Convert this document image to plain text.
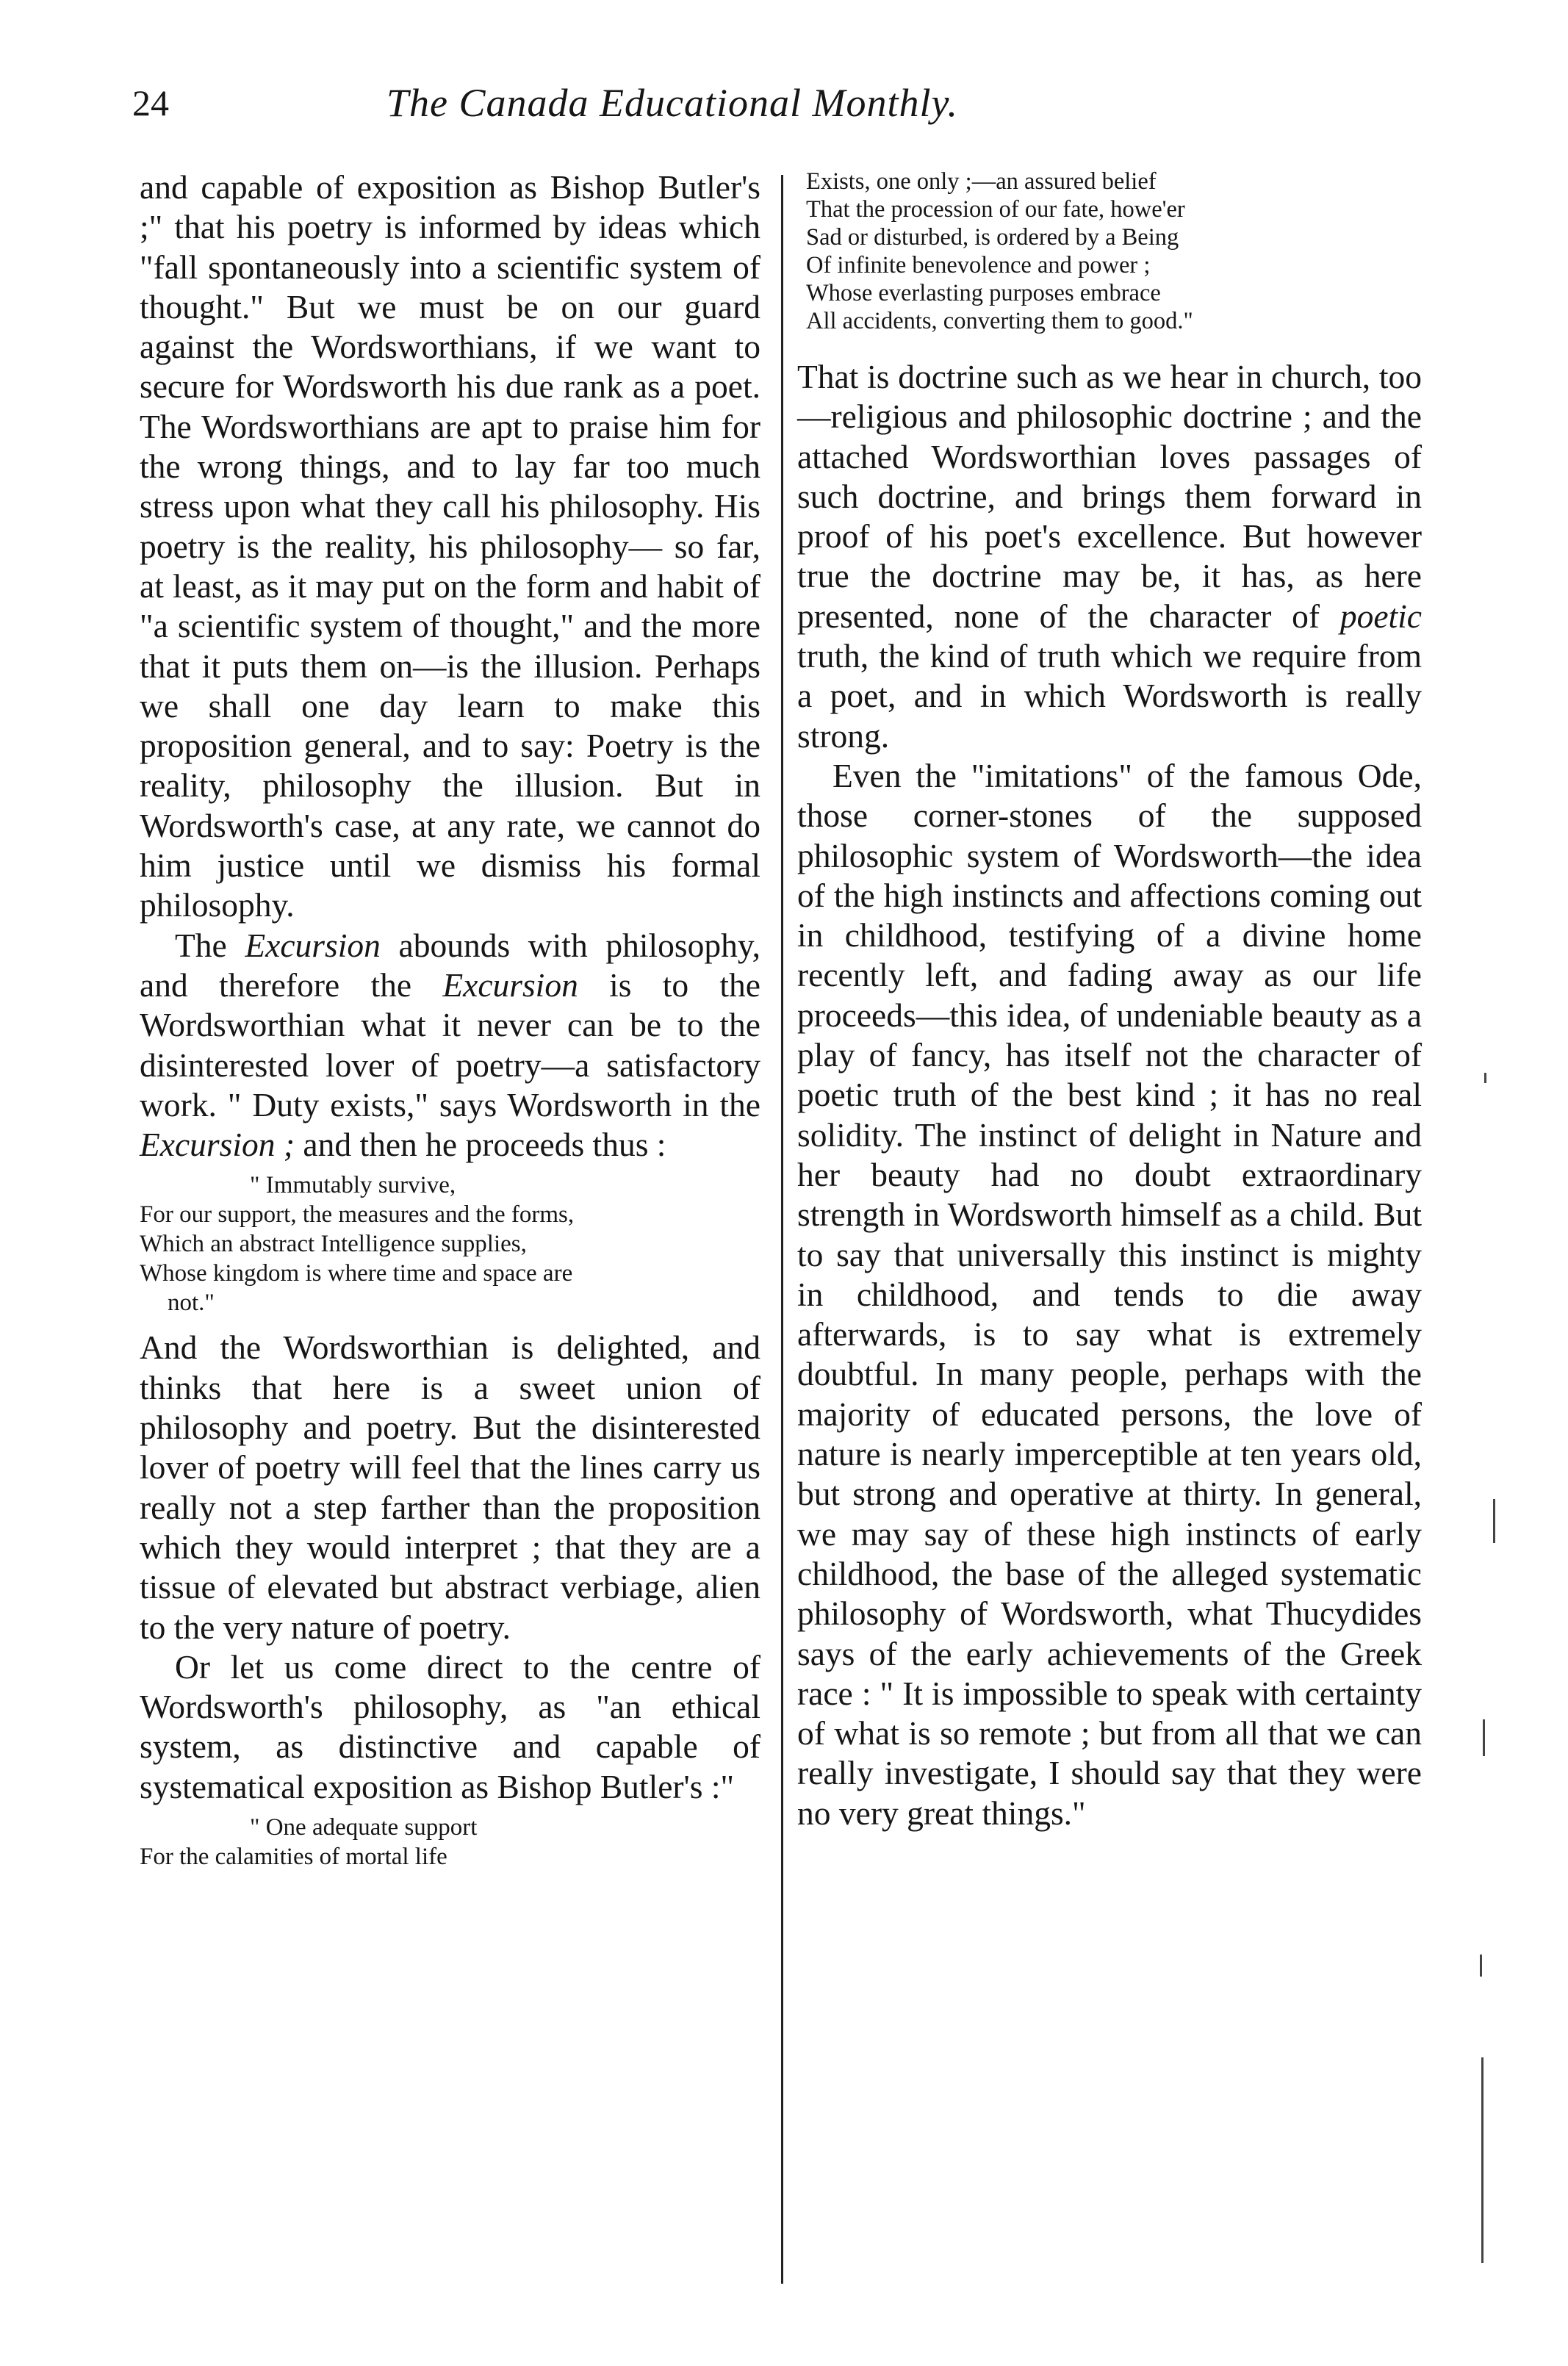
24	The Canada Educational Monthly.

and capable of exposition as Bishop Butler's ;" that his poetry is informed by ideas which "fall spontaneously into a scientific system of thought." But we must be on our guard against the Wordsworthians, if we want to secure for Wordsworth his due rank as a poet. The Wordsworthians are apt to praise him for the wrong things, and to lay far too much stress upon what they call his philosophy. His poetry is the reality, his philosophy— so far, at least, as it may put on the form and habit of "a scientific system of thought," and the more that it puts them on—is the illusion. Perhaps we shall one day learn to make this proposition general, and to say: Poetry is the reality, philosophy the illusion. But in Wordsworth's case, at any rate, we cannot do him justice until we dismiss his formal philosophy.

The Excursion abounds with philosophy, and therefore the Excursion is to the Wordsworthian what it never can be to the disinterested lover of poetry—a satisfactory work. " Duty exists," says Wordsworth in the Excursion ; and then he proceeds thus :

" Immutably survive,
For our support, the measures and the forms,
Which an abstract Intelligence supplies,
Whose kingdom is where time and space are
not."

And the Wordsworthian is delighted, and thinks that here is a sweet union of philosophy and poetry. But the disinterested lover of poetry will feel that the lines carry us really not a step farther than the proposition which they would interpret ; that they are a tissue of elevated but abstract verbiage, alien to the very nature of poetry.

Or let us come direct to the centre of Wordsworth's philosophy, as "an ethical system, as distinctive and capable of systematical exposition as Bishop Butler's :"

" One adequate support
For the calamities of mortal life
Exists, one only ;—an assured belief
That the procession of our fate, howe'er
Sad or disturbed, is ordered by a Being
Of infinite benevolence and power ;
Whose everlasting purposes embrace
All accidents, converting them to good."

That is doctrine such as we hear in church, too—religious and philosophic doctrine ; and the attached Wordsworthian loves passages of such doctrine, and brings them forward in proof of his poet's excellence. But however true the doctrine may be, it has, as here presented, none of the character of poetic truth, the kind of truth which we require from a poet, and in which Wordsworth is really strong.

Even the "imitations" of the famous Ode, those corner-stones of the supposed philosophic system of Wordsworth—the idea of the high instincts and affections coming out in childhood, testifying of a divine home recently left, and fading away as our life proceeds—this idea, of undeniable beauty as a play of fancy, has itself not the character of poetic truth of the best kind ; it has no real solidity. The instinct of delight in Nature and her beauty had no doubt extraordinary strength in Wordsworth himself as a child. But to say that universally this instinct is mighty in childhood, and tends to die away afterwards, is to say what is extremely doubtful. In many people, perhaps with the majority of educated persons, the love of nature is nearly imperceptible at ten years old, but strong and operative at thirty. In general, we may say of these high instincts of early childhood, the base of the alleged systematic philosophy of Wordsworth, what Thucydides says of the early achievements of the Greek race : " It is impossible to speak with certainty of what is so remote ; but from all that we can really investigate, I should say that they were no very great things."
